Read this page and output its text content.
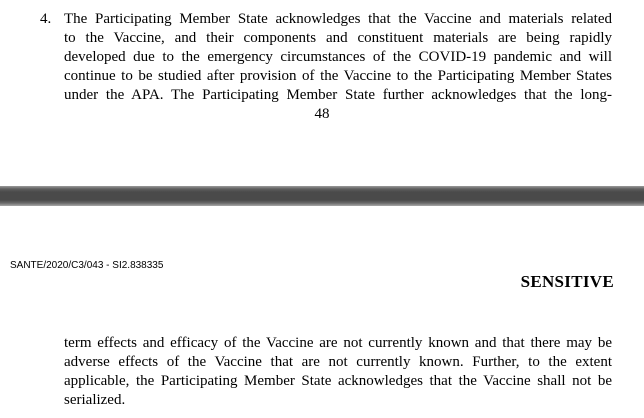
4. The Participating Member State acknowledges that the Vaccine and materials related
to the Vaccine, and their components and constituent materials are being rapidly
developed due to the emergency circumstances of the COVID-19 pandemic and will
continue to be studied after provision of the Vaccine to the Participating Member States
under the APA. The Participating Member State further acknowledges that the long-
48
SANTE/2020/C3/043 - SI2.838335
SENSITIVE
term effects and efficacy of the Vaccine are not currently known and that there may be
adverse effects of the Vaccine that are not currently known. Further, to the extent
applicable, the Participating Member State acknowledges that the Vaccine shall not be
serialized.
